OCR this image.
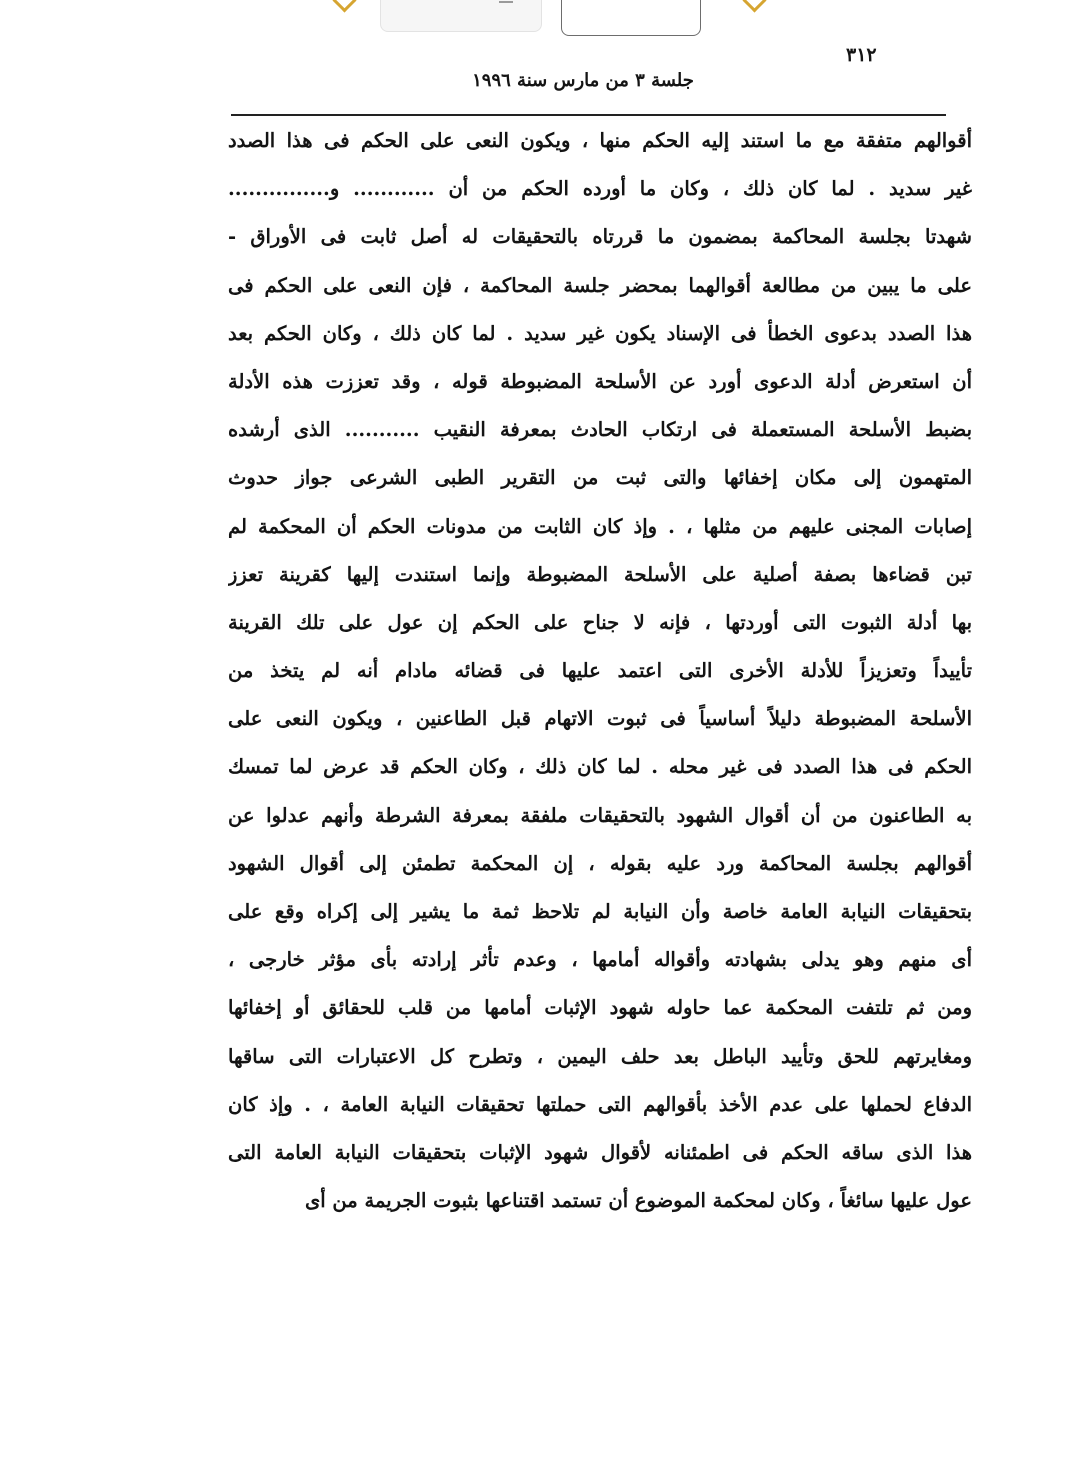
٣١٢
جلسة ٣ من مارس سنة ١٩٩٦
أقوالهم متفقة مع ما استند إليه الحكم منها ، ويكون النعى على الحكم فى هذا الصدد
غير سديد . لما كان ذلك ، وكان ما أورده الحكم من أن ............ و...............
شهدتا بجلسة المحاكمة بمضمون ما قررتاه بالتحقيقات له أصل ثابت فى الأوراق -
على ما يبين من مطالعة أقوالهما بمحضر جلسة المحاكمة ، فإن النعى على الحكم فى
هذا الصدد بدعوى الخطأ فى الإسناد يكون غير سديد . لما كان ذلك ، وكان الحكم بعد
أن استعرض أدلة الدعوى أورد عن الأسلحة المضبوطة قوله ، وقد تعززت هذه الأدلة
بضبط الأسلحة المستعملة فى ارتكاب الحادث بمعرفة النقيب ........... الذى أرشده
المتهمون إلى مكان إخفائها والتى ثبت من التقرير الطبى الشرعى جواز حدوث
إصابات المجنى عليهم من مثلها ، . وإذ كان الثابت من مدونات الحكم أن المحكمة لم
تبن قضاءها بصفة أصلية على الأسلحة المضبوطة وإنما استندت إليها كقرينة تعزز
بها أدلة الثبوت التى أوردتها ، فإنه لا جناح على الحكم إن عول على تلك القرينة
تأييداً وتعزيزاً للأدلة الأخرى التى اعتمد عليها فى قضائه مادام أنه لم يتخذ من
الأسلحة المضبوطة دليلاً أساسياً فى ثبوت الاتهام قبل الطاعنين ، ويكون النعى على
الحكم فى هذا الصدد فى غير محله . لما كان ذلك ، وكان الحكم قد عرض لما تمسك
به الطاعنون من أن أقوال الشهود بالتحقيقات ملفقة بمعرفة الشرطة وأنهم عدلوا عن
أقوالهم بجلسة المحاكمة ورد عليه بقوله ، إن المحكمة تطمئن إلى أقوال الشهود
بتحقيقات النيابة العامة خاصة وأن النيابة لم تلاحظ ثمة ما يشير إلى إكراه وقع على
أى منهم وهو يدلى بشهادته وأقواله أمامها ، وعدم تأثر إرادته بأى مؤثر خارجى ،
ومن ثم تلتفت المحكمة عما حاوله شهود الإثبات أمامها من قلب للحقائق أو إخفائها
ومغايرتهم للحق وتأييد الباطل بعد حلف اليمين ، وتطرح كل الاعتبارات التى ساقها
الدفاع لحملها على عدم الأخذ بأقوالهم التى حملتها تحقيقات النيابة العامة ، . وإذ كان
هذا الذى ساقه الحكم فى اطمئنانه لأقوال شهود الإثبات بتحقيقات النيابة العامة التى
عول عليها سائغاً ، وكان لمحكمة الموضوع أن تستمد اقتناعها بثبوت الجريمة من أى
